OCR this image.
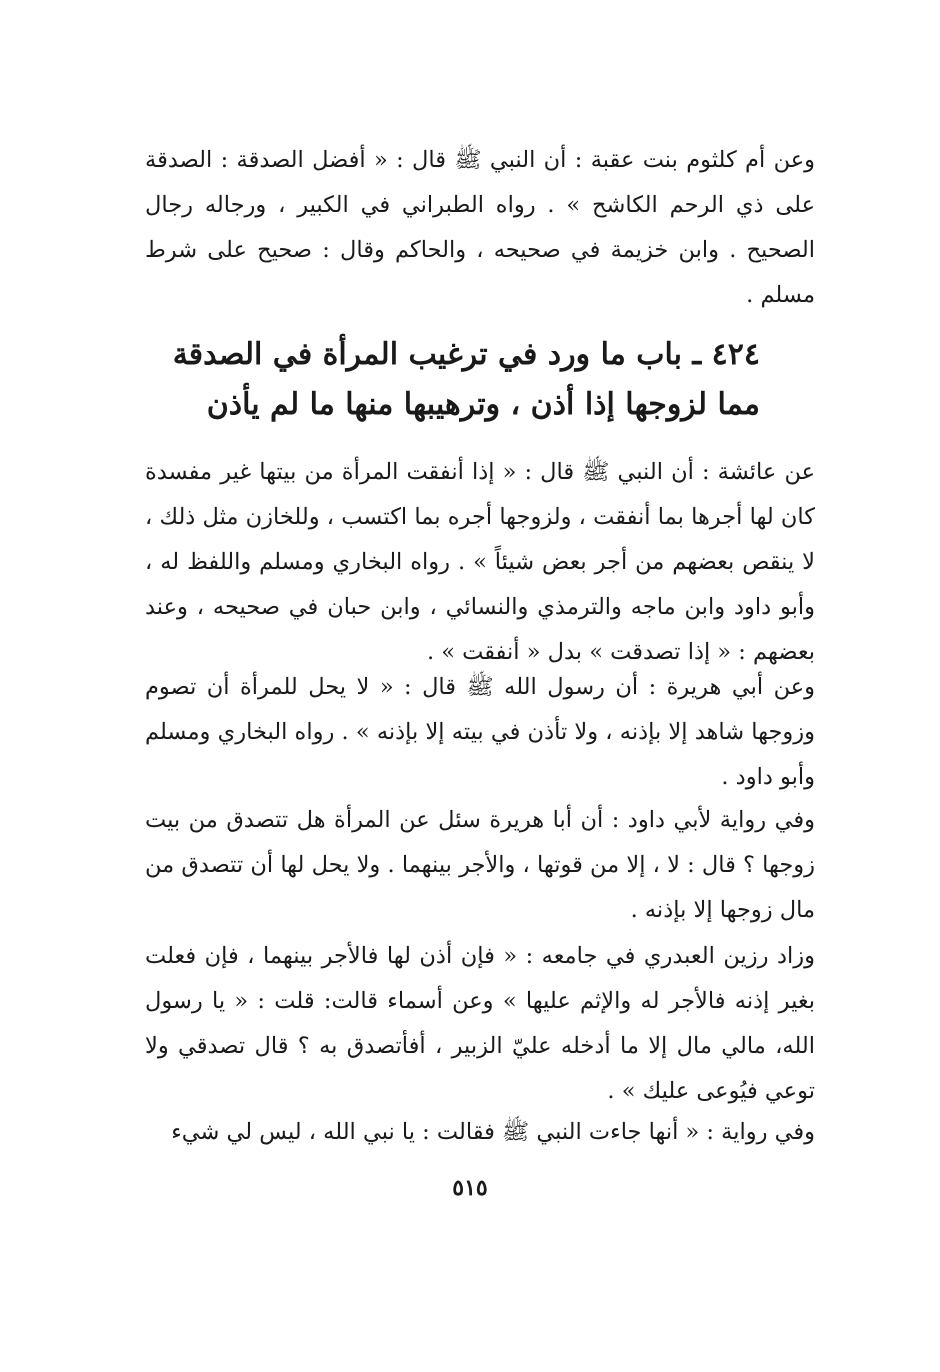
وعن أم كلثوم بنت عقبة : أن النبي ﷺ قال : « أفضل الصدقة : الصدقة على ذي الرحم الكاشح » . رواه الطبراني في الكبير ، ورجاله رجال الصحيح . وابن خزيمة في صحيحه ، والحاكم وقال : صحيح على شرط مسلم .

٤٢٤ ـ باب ما ورد في ترغيب المرأة في الصدقة
مما لزوجها إذا أذن ، وترهيبها منها ما لم يأذن

عن عائشة : أن النبي ﷺ قال : « إذا أنفقت المرأة من بيتها غير مفسدة كان لها أجرها بما أنفقت ، ولزوجها أجره بما اكتسب ، وللخازن مثل ذلك ، لا ينقص بعضهم من أجر بعض شيئاً » . رواه البخاري ومسلم واللفظ له ، وأبو داود وابن ماجه والترمذي والنسائي ، وابن حبان في صحيحه ، وعند بعضهم : « إذا تصدقت » بدل « أنفقت » .

وعن أبي هريرة : أن رسول الله ﷺ قال : « لا يحل للمرأة أن تصوم وزوجها شاهد إلا بإذنه ، ولا تأذن في بيته إلا بإذنه » . رواه البخاري ومسلم وأبو داود .

وفي رواية لأبي داود : أن أبا هريرة سئل عن المرأة هل تتصدق من بيت زوجها ؟ قال : لا ، إلا من قوتها ، والأجر بينهما . ولا يحل لها أن تتصدق من مال زوجها إلا بإذنه .

وزاد رزين العبدري في جامعه : « فإن أذن لها فالأجر بينهما ، فإن فعلت بغير إذنه فالأجر له والإثم عليها » وعن أسماء قالت: قلت : « يا رسول الله، مالي مال إلا ما أدخله عليّ الزبير ، أفأتصدق به ؟ قال تصدقي ولا توعي فيُوعى عليك » .

وفي رواية : « أنها جاءت النبي ﷺ فقالت : يا نبي الله ، ليس لي شيء

٥١٥
